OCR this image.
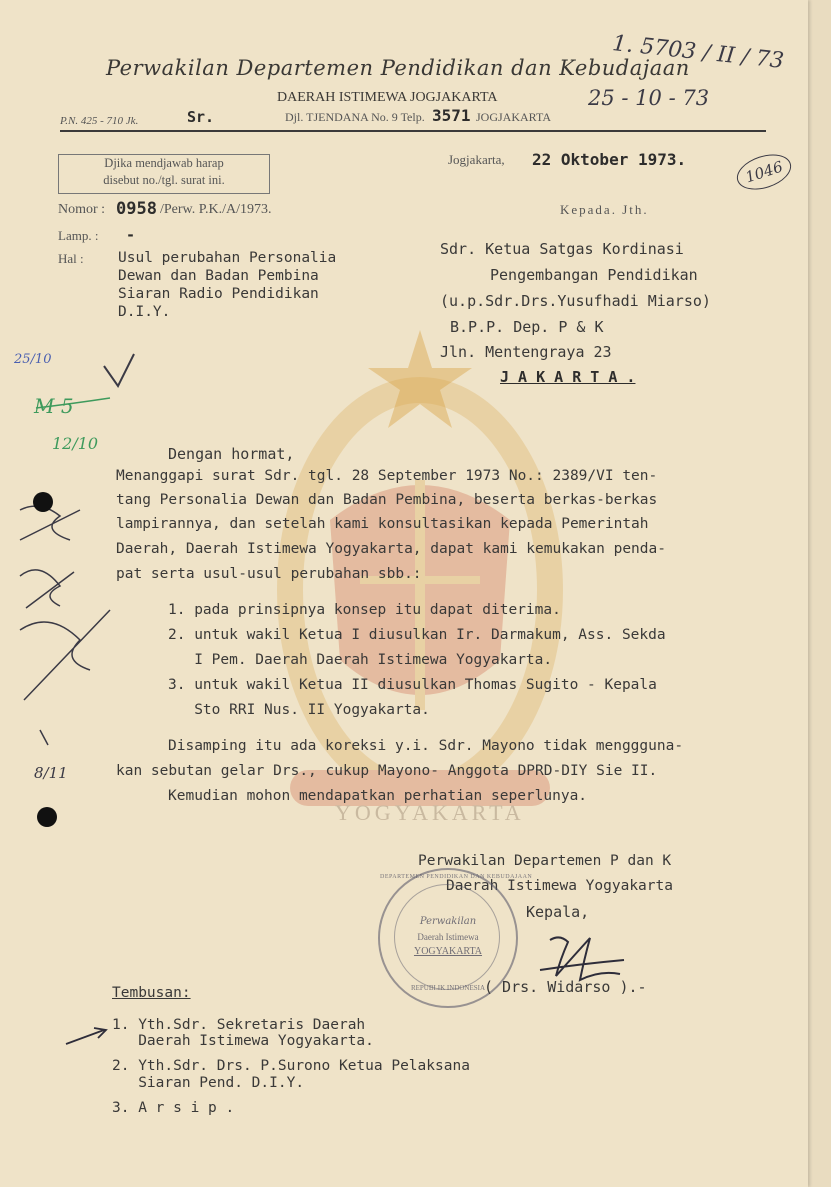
YOGYAKARTA
Perwakilan Departemen Pendidikan dan Kebudajaan
DAERAH ISTIMEWA JOGJAKARTA
P.N. 425 - 710 Jk.	Sr.	Djl. TJENDANA No. 9 Telp. 3571 JOGJAKARTA
1. 5703 / II / 73
25 - 10 - 73
1046
Djika mendjawab harap
disebut no./tgl. surat ini.
Jogjakarta, 22 Oktober 1973.
Nomor : 0958 /Perw. P.K./A/1973.
Lamp. : -
Hal : Usul perubahan Personalia
Dewan dan Badan Pembina
Siaran Radio Pendidikan
D.I.Y.
Kepada. Jth.
Sdr. Ketua Satgas Kordinasi
Pengembangan Pendidikan
(u.p.Sdr.Drs.Yusufhadi Miarso)
B.P.P. Dep. P & K
Jln. Mentengraya 23
J A K A R T A .
Dengan hormat,
Menanggapi surat Sdr. tgl. 28 September 1973 No.: 2389/VI ten-
tang Personalia Dewan dan Badan Pembina, beserta berkas-berkas
lampirannya, dan setelah kami konsultasikan kepada Pemerintah
Daerah, Daerah Istimewa Yogyakarta, dapat kami kemukakan penda-
pat serta usul-usul perubahan sbb.:
1. pada prinsipnya konsep itu dapat diterima.
2. untuk wakil Ketua I diusulkan Ir. Darmakum, Ass. Sekda
I Pem. Daerah Daerah Istimewa Yogyakarta.
3. untuk wakil Ketua II diusulkan Thomas Sugito - Kepala
Sto RRI Nus. II Yogyakarta.
Disamping itu ada koreksi y.i. Sdr. Mayono tidak menggguna-
kan sebutan gelar Drs., cukup Mayono- Anggota DPRD-DIY Sie II.
Kemudian mohon mendapatkan perhatian seperlunya.
Perwakilan Departemen P dan K
Daerah Istimewa Yogyakarta
Kepala,
DEPARTEMEN PENDIDIKAN DAN KEBUDAJAAN
Perwakilan
Daerah Istimewa
YOGYAKARTA
REPUBLIK INDONESIA
( Drs. Widarso ).-
Tembusan:
1. Yth.Sdr. Sekretaris Daerah
Daerah Istimewa Yogyakarta.
2. Yth.Sdr. Drs. P.Surono Ketua Pelaksana
Siaran Pend. D.I.Y.
3. A r s i p .
25/10
M 5
12/10
8/11
